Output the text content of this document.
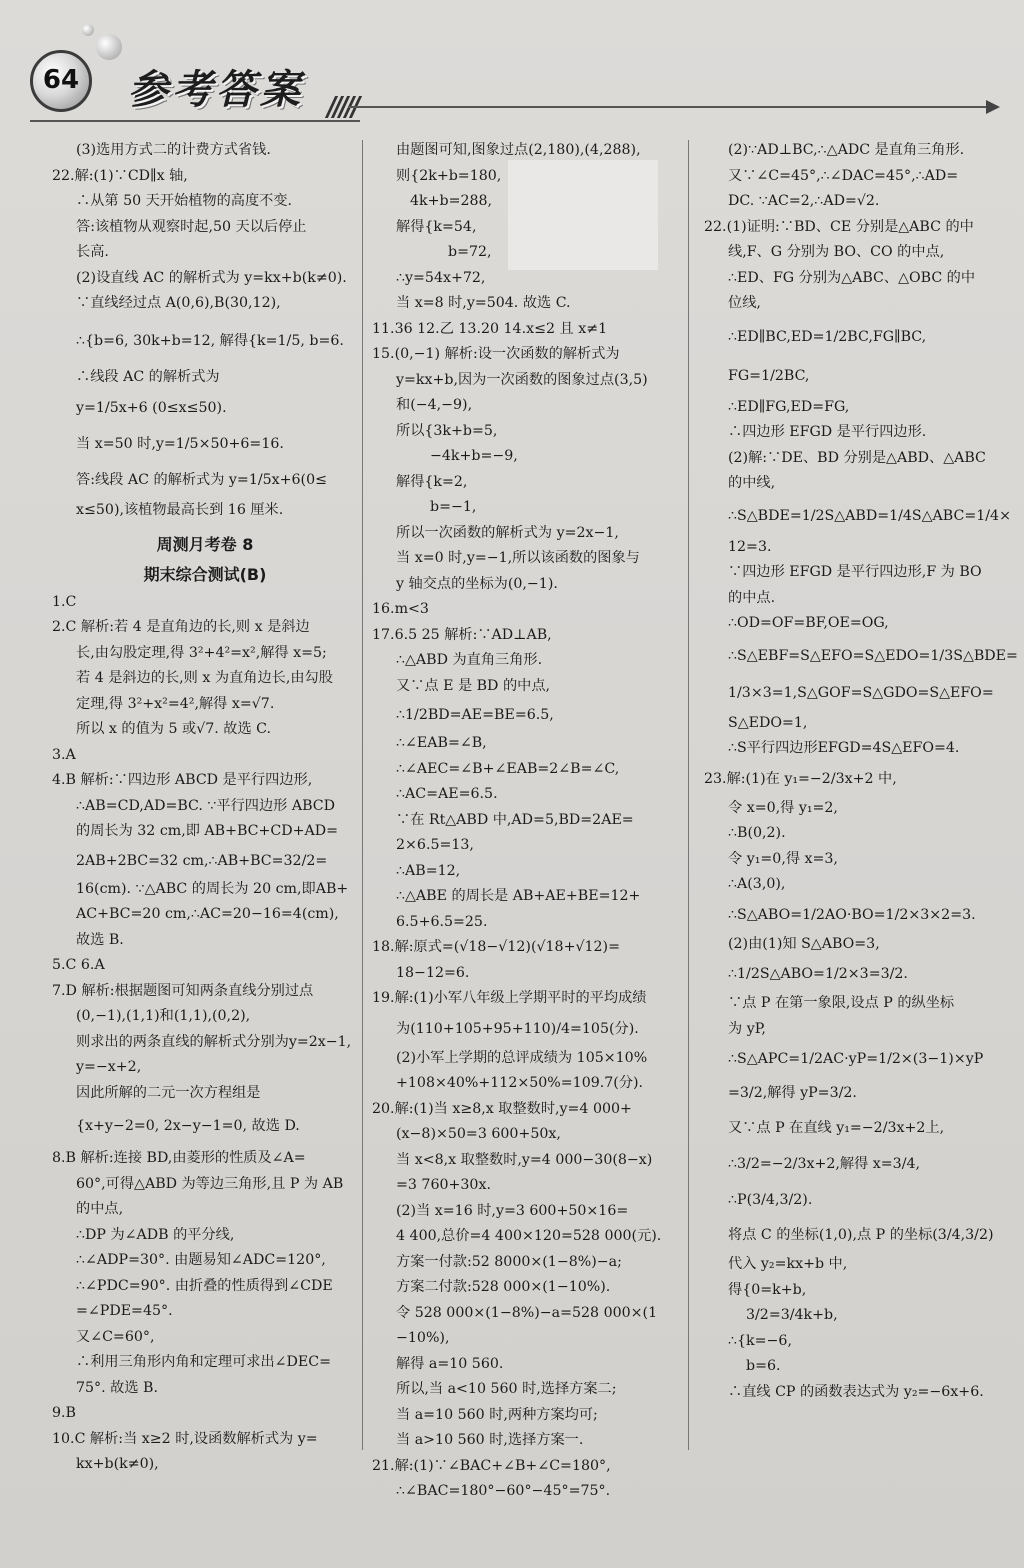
64 参考答案
(3)选用方式二的计费方式省钱.
22.解:(1)∵CD∥x 轴,
∴从第 50 天开始植物的高度不变.
答:该植物从观察时起,50 天以后停止
长高.
(2)设直线 AC 的解析式为 y=kx+b(k≠0).
∵直线经过点 A(0,6),B(30,12),
∴{b=6, 30k+b=12, 解得{k=1/5, b=6.
∴线段 AC 的解析式为
y=1/5x+6 (0≤x≤50).
当 x=50 时,y=1/5×50+6=16.
答:线段 AC 的解析式为 y=1/5x+6(0≤
x≤50),该植物最高长到 16 厘米.
周测月考卷 8
期末综合测试(B)
1.C
2.C 解析:若 4 是直角边的长,则 x 是斜边
长,由勾股定理,得 3²+4²=x²,解得 x=5;
若 4 是斜边的长,则 x 为直角边长,由勾股
定理,得 3²+x²=4²,解得 x=√7.
所以 x 的值为 5 或√7. 故选 C.
3.A
4.B 解析:∵四边形 ABCD 是平行四边形,
∴AB=CD,AD=BC. ∵平行四边形 ABCD
的周长为 32 cm,即 AB+BC+CD+AD=
2AB+2BC=32 cm,∴AB+BC=32/2=
16(cm). ∵△ABC 的周长为 20 cm,即AB+
AC+BC=20 cm,∴AC=20−16=4(cm),
故选 B.
5.C 6.A
7.D 解析:根据题图可知两条直线分别过点
(0,−1),(1,1)和(1,1),(0,2),
则求出的两条直线的解析式分别为y=2x−1,
y=−x+2,
因此所解的二元一次方程组是
{x+y−2=0, 2x−y−1=0, 故选 D.
8.B 解析:连接 BD,由菱形的性质及∠A=
60°,可得△ABD 为等边三角形,且 P 为 AB
的中点,
∴DP 为∠ADB 的平分线,
∴∠ADP=30°. 由题易知∠ADC=120°,
∴∠PDC=90°. 由折叠的性质得到∠CDE
=∠PDE=45°.
又∠C=60°,
∴利用三角形内角和定理可求出∠DEC=
75°. 故选 B.
9.B
10.C 解析:当 x≥2 时,设函数解析式为 y=
kx+b(k≠0),
由题图可知,图象过点(2,180),(4,288),
则{2k+b=180,
4k+b=288,
解得{k=54,
b=72,
∴y=54x+72,
当 x=8 时,y=504. 故选 C.
11.36 12.乙 13.20 14.x≤2 且 x≠1
15.(0,−1) 解析:设一次函数的解析式为
y=kx+b,因为一次函数的图象过点(3,5)
和(−4,−9),
所以{3k+b=5,
−4k+b=−9,
解得{k=2,
b=−1,
所以一次函数的解析式为 y=2x−1,
当 x=0 时,y=−1,所以该函数的图象与
y 轴交点的坐标为(0,−1).
16.m<3
17.6.5 25 解析:∵AD⊥AB,
∴△ABD 为直角三角形.
又∵点 E 是 BD 的中点,
∴1/2BD=AE=BE=6.5,
∴∠EAB=∠B,
∴∠AEC=∠B+∠EAB=2∠B=∠C,
∴AC=AE=6.5.
∵在 Rt△ABD 中,AD=5,BD=2AE=
2×6.5=13,
∴AB=12,
∴△ABE 的周长是 AB+AE+BE=12+
6.5+6.5=25.
18.解:原式=(√18−√12)(√18+√12)=
18−12=6.
19.解:(1)小军八年级上学期平时的平均成绩
为(110+105+95+110)/4=105(分).
(2)小军上学期的总评成绩为 105×10%
+108×40%+112×50%=109.7(分).
20.解:(1)当 x≥8,x 取整数时,y=4 000+
(x−8)×50=3 600+50x,
当 x<8,x 取整数时,y=4 000−30(8−x)
=3 760+30x.
(2)当 x=16 时,y=3 600+50×16=
4 400,总价=4 400×120=528 000(元).
方案一付款:52 8000×(1−8%)−a;
方案二付款:528 000×(1−10%).
令 528 000×(1−8%)−a=528 000×(1
−10%),
解得 a=10 560.
所以,当 a<10 560 时,选择方案二;
当 a=10 560 时,两种方案均可;
当 a>10 560 时,选择方案一.
21.解:(1)∵∠BAC+∠B+∠C=180°,
∴∠BAC=180°−60°−45°=75°.
(2)∵AD⊥BC,∴△ADC 是直角三角形.
又∵∠C=45°,∴∠DAC=45°,∴AD=
DC. ∵AC=2,∴AD=√2.
22.(1)证明:∵BD、CE 分别是△ABC 的中
线,F、G 分别为 BO、CO 的中点,
∴ED、FG 分别为△ABC、△OBC 的中
位线,
∴ED∥BC,ED=1/2BC,FG∥BC,
FG=1/2BC,
∴ED∥FG,ED=FG,
∴四边形 EFGD 是平行四边形.
(2)解:∵DE、BD 分别是△ABD、△ABC
的中线,
∴S△BDE=1/2S△ABD=1/4S△ABC=1/4×
12=3.
∵四边形 EFGD 是平行四边形,F 为 BO
的中点.
∴OD=OF=BF,OE=OG,
∴S△EBF=S△EFO=S△EDO=1/3S△BDE=
1/3×3=1,S△GOF=S△GDO=S△EFO=
S△EDO=1,
∴S平行四边形EFGD=4S△EFO=4.
23.解:(1)在 y₁=−2/3x+2 中,
令 x=0,得 y₁=2,
∴B(0,2).
令 y₁=0,得 x=3,
∴A(3,0),
∴S△ABO=1/2AO·BO=1/2×3×2=3.
(2)由(1)知 S△ABO=3,
∴1/2S△ABO=1/2×3=3/2.
∵点 P 在第一象限,设点 P 的纵坐标
为 yP,
∴S△APC=1/2AC·yP=1/2×(3−1)×yP
=3/2,解得 yP=3/2.
又∵点 P 在直线 y₁=−2/3x+2上,
∴3/2=−2/3x+2,解得 x=3/4,
∴P(3/4,3/2).
将点 C 的坐标(1,0),点 P 的坐标(3/4,3/2)
代入 y₂=kx+b 中,
得{0=k+b,
3/2=3/4k+b,
∴{k=−6,
b=6.
∴直线 CP 的函数表达式为 y₂=−6x+6.
